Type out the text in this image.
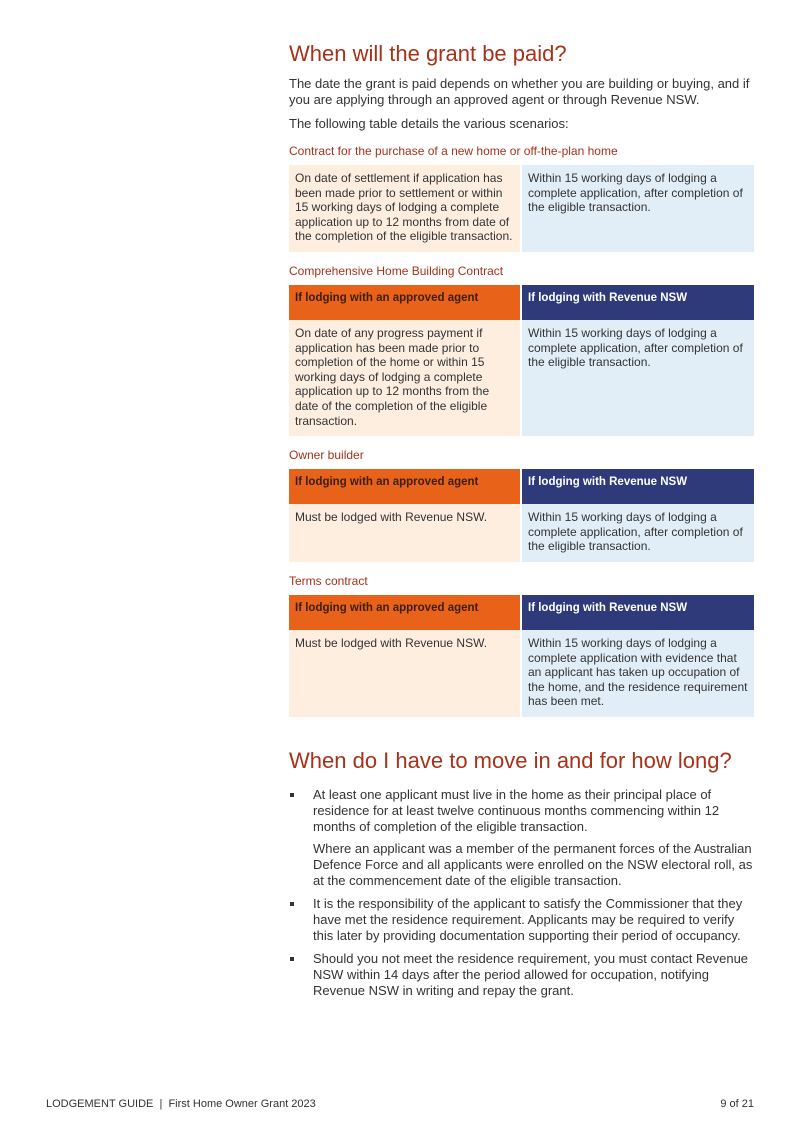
When will the grant be paid?

The date the grant is paid depends on whether you are building or buying, and if you are applying through an approved agent or through Revenue NSW.

The following table details the various scenarios:

Contract for the purchase of a new home or off-the-plan home
On date of settlement if application has been made prior to settlement or within 15 working days of lodging a complete application up to 12 months from date of the completion of the eligible transaction.	Within 15 working days of lodging a complete application, after completion of the eligible transaction.
Comprehensive Home Building Contract
If lodging with an approved agent	If lodging with Revenue NSW
On date of any progress payment if application has been made prior to completion of the home or within 15 working days of lodging a complete application up to 12 months from the date of the completion of the eligible transaction.	Within 15 working days of lodging a complete application, after completion of the eligible transaction.
Owner builder
If lodging with an approved agent	If lodging with Revenue NSW
Must be lodged with Revenue NSW.	Within 15 working days of lodging a complete application, after completion of the eligible transaction.
Terms contract
If lodging with an approved agent	If lodging with Revenue NSW
Must be lodged with Revenue NSW.	Within 15 working days of lodging a complete application with evidence that an applicant has taken up occupation of the home, and the residence requirement has been met.
When do I have to move in and for how long?

At least one applicant must live in the home as their principal place of residence for at least twelve continuous months commencing within 12 months of completion of the eligible transaction.

Where an applicant was a member of the permanent forces of the Australian Defence Force and all applicants were enrolled on the NSW electoral roll, as at the commencement date of the eligible transaction.

It is the responsibility of the applicant to satisfy the Commissioner that they have met the residence requirement. Applicants may be required to verify this later by providing documentation supporting their period of occupancy.

Should you not meet the residence requirement, you must contact Revenue NSW within 14 days after the period allowed for occupation, notifying Revenue NSW in writing and repay the grant.

LODGEMENT GUIDE  |  First Home Owner Grant 2023	9 of 21
